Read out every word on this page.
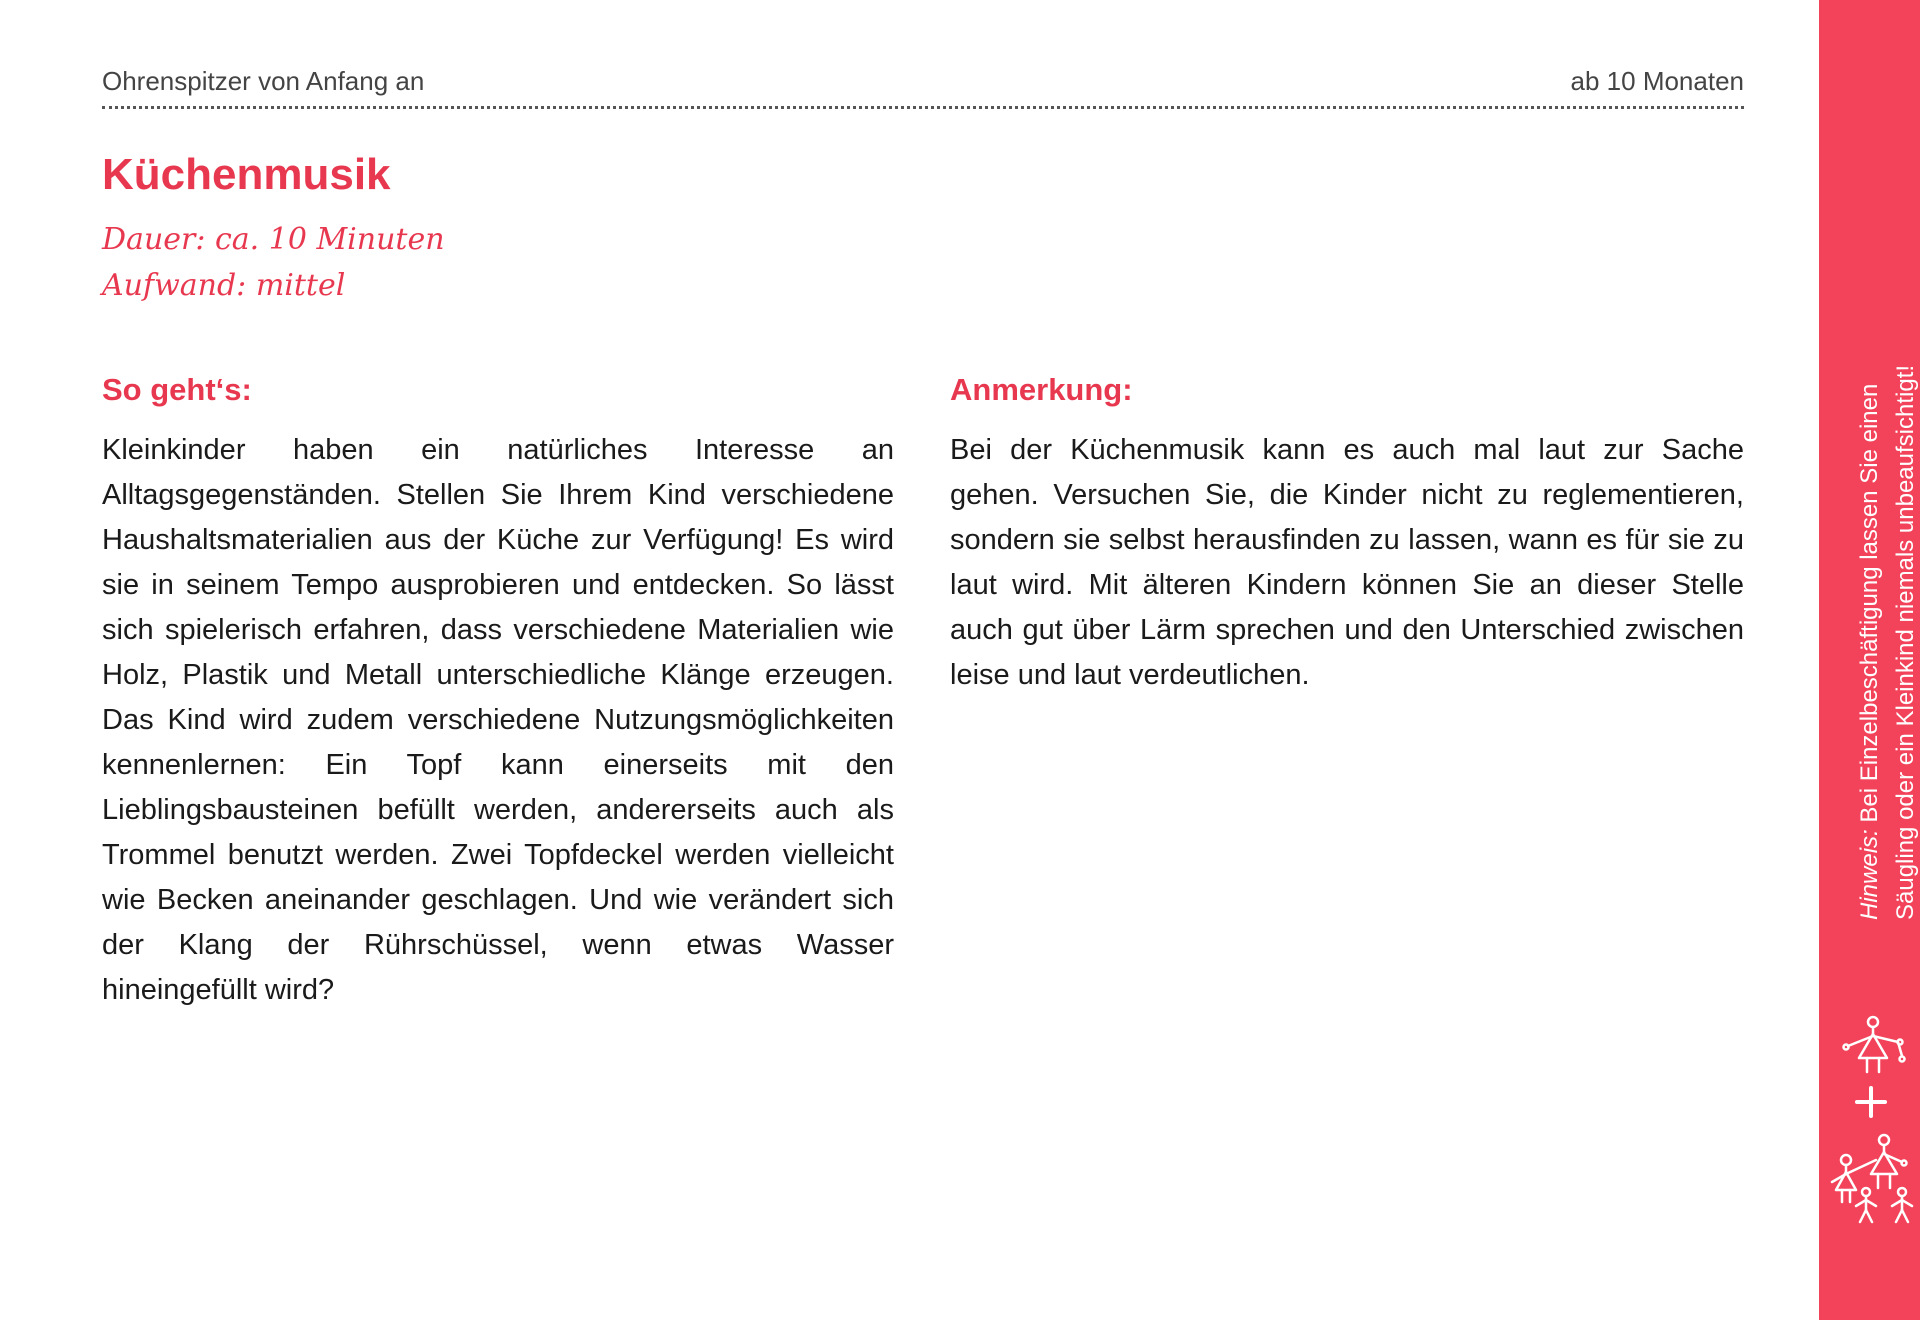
Ohrenspitzer von Anfang an	ab 10 Monaten
Küchenmusik
Dauer: ca. 10 Minuten
Aufwand: mittel
So geht‘s:

Kleinkinder haben ein natürliches Interesse an Alltagsgegenständen. Stellen Sie Ihrem Kind verschiedene Haushaltsmaterialien aus der Küche zur Verfügung! Es wird sie in seinem Tempo ausprobieren und entdecken. So lässt sich spielerisch erfahren, dass verschiedene Materialien wie Holz, Plastik und Metall unterschiedliche Klänge erzeugen. Das Kind wird zudem verschiedene Nutzungsmöglichkeiten kennenlernen: Ein Topf kann einerseits mit den Lieblingsbausteinen befüllt werden, andererseits auch als Trommel benutzt werden. Zwei Topfdeckel werden vielleicht wie Becken aneinander geschlagen. Und wie verändert sich der Klang der Rührschüssel, wenn etwas Wasser hineingefüllt wird?

Anmerkung:

Bei der Küchenmusik kann es auch mal laut zur Sache gehen. Versuchen Sie, die Kinder nicht zu reglementieren, sondern sie selbst herausfinden zu lassen, wann es für sie zu laut wird. Mit älteren Kindern können Sie an dieser Stelle auch gut über Lärm sprechen und den Unterschied zwischen leise und laut verdeutlichen.

Hinweis: Bei Einzelbeschäftigung lassen Sie einen Säugling oder ein Kleinkind niemals unbeaufsichtigt!
